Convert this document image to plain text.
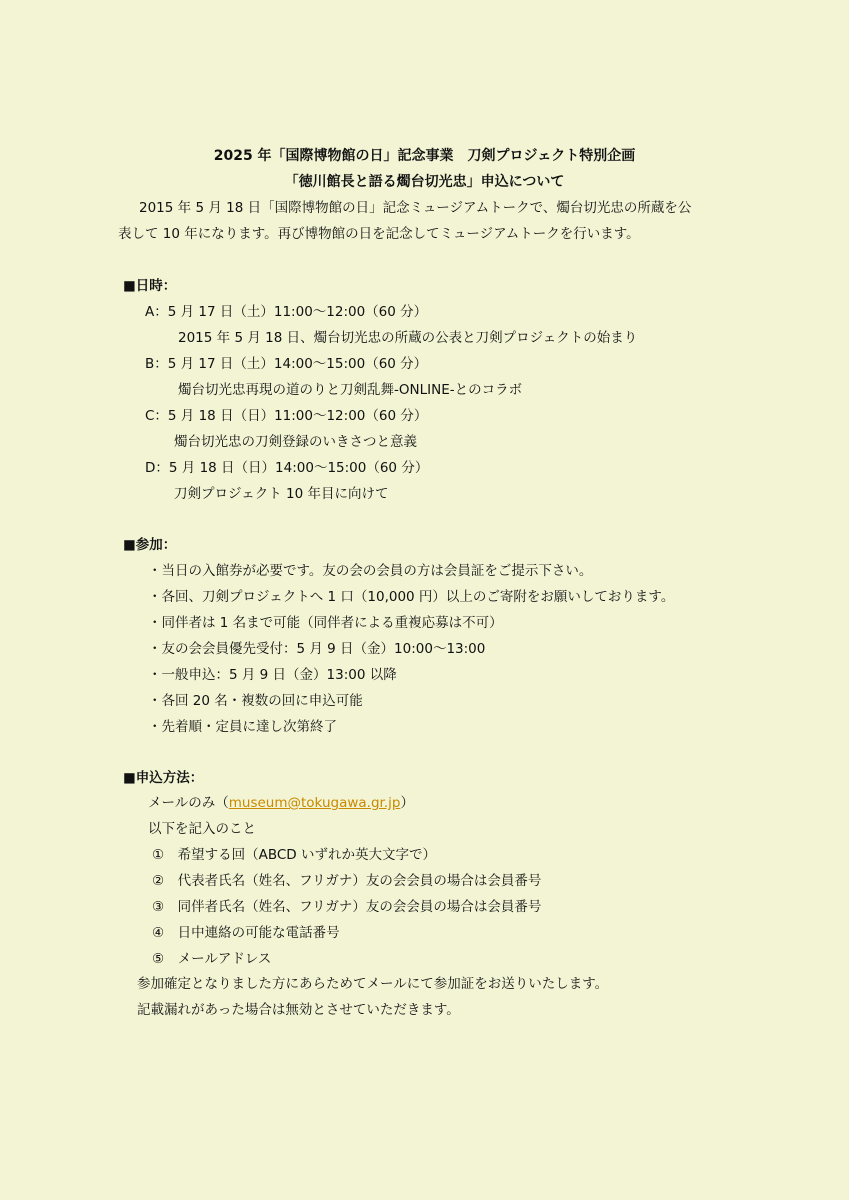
2025 年「国際博物館の日」記念事業　刀剣プロジェクト特別企画
「徳川館長と語る燭台切光忠」申込について
2015 年 5 月 18 日「国際博物館の日」記念ミュージアムトークで、燭台切光忠の所蔵を公
表して 10 年になります。再び博物館の日を記念してミュージアムトークを行います。
■日時：
A：5 月 17 日（土）11:00〜12:00（60 分）
2015 年 5 月 18 日、燭台切光忠の所蔵の公表と刀剣プロジェクトの始まり
B：5 月 17 日（土）14:00〜15:00（60 分）
燭台切光忠再現の道のりと刀剣乱舞-ONLINE-とのコラボ
C：5 月 18 日（日）11:00〜12:00（60 分）
燭台切光忠の刀剣登録のいきさつと意義
D：5 月 18 日（日）14:00〜15:00（60 分）
刀剣プロジェクト 10 年目に向けて
■参加：
・当日の入館券が必要です。友の会の会員の方は会員証をご提示下さい。
・各回、刀剣プロジェクトへ 1 口（10,000 円）以上のご寄附をお願いしております。
・同伴者は 1 名まで可能（同伴者による重複応募は不可）
・友の会会員優先受付：5 月 9 日（金）10:00〜13:00
・一般申込：5 月 9 日（金）13:00 以降
・各回 20 名・複数の回に申込可能
・先着順・定員に達し次第終了
■申込方法：
メールのみ（museum@tokugawa.gr.jp）
以下を記入のこと
①　希望する回（ABCD いずれか英大文字で）
②　代表者氏名（姓名、フリガナ）友の会会員の場合は会員番号
③　同伴者氏名（姓名、フリガナ）友の会会員の場合は会員番号
④　日中連絡の可能な電話番号
⑤　メールアドレス
参加確定となりました方にあらためてメールにて参加証をお送りいたします。
記載漏れがあった場合は無効とさせていただきます。
